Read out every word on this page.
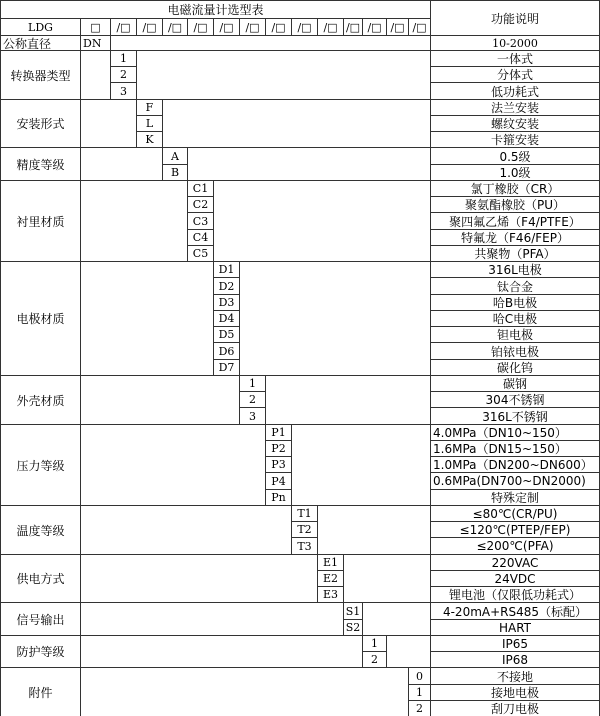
电磁流量计选型表
功能说明
LDG	□	/□	/□	/□	/□	/□	/□	/□	/□	/□ /□ /□ /□ /□
公称直径	DN	10-2000
转换器类型
1	一体式
2	分体式
3	低功耗式
安装形式
F	法兰安装
L	螺纹安装
K	卡箍安装
精度等级
A	0.5级
B	1.0级
衬里材质
C1	氯丁橡胶（CR）
C2	聚氨酯橡胶（PU）
C3	聚四氟乙烯（F4/PTFE）
C4	特氟龙（F46/FEP）
C5	共聚物（PFA）
电极材质
D1	316L电极
D2	钛合金
D3	哈B电极
D4	哈C电极
D5	钽电极
D6	铂铱电极
D7	碳化钨
外壳材质
1	碳钢
2	304不锈钢
3	316L不锈钢
压力等级
P1	4.0MPa（DN10~150）
P2	1.6MPa（DN15~150）
P3	1.0MPa（DN200~DN600）
P4	0.6MPa(DN700~DN2000)
Pn	特殊定制
温度等级
T1	≤80℃(CR/PU)
T2	≤120℃(PTEP/FEP)
T3	≤200℃(PFA)
供电方式
E1	220VAC
E2	24VDC
E3	锂电池（仅限低功耗式）
信号输出
S1	4-20mA+RS485（标配）
S2	HART
防护等级
1	IP65
2	IP68
附件
0	不接地
1	接地电极
2	刮刀电极
